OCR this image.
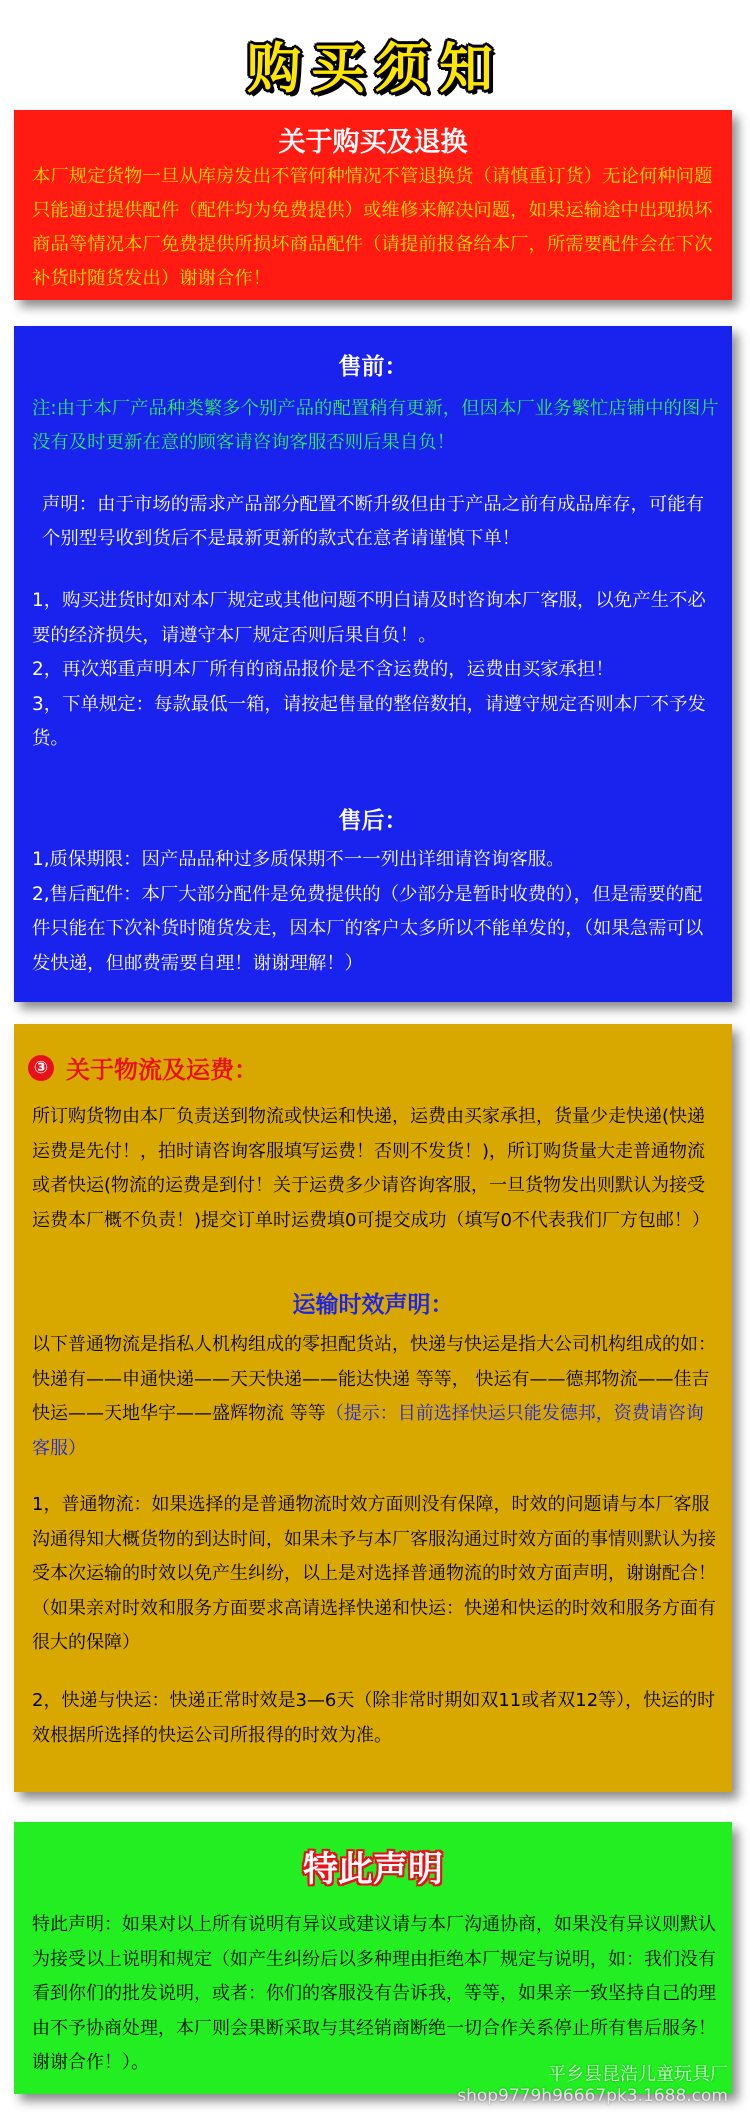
购买须知
关于购买及退换
本厂规定货物一旦从库房发出不管何种情况不管退换货（请慎重订货）无论何种问题只能通过提供配件（配件均为免费提供）或维修来解决问题，如果运输途中出现损坏商品等情况本厂免费提供所损坏商品配件（请提前报备给本厂，所需要配件会在下次补货时随货发出）谢谢合作！
售前：
注:由于本厂产品种类繁多个别产品的配置稍有更新，但因本厂业务繁忙店铺中的图片没有及时更新在意的顾客请咨询客服否则后果自负！
声明：由于市场的需求产品部分配置不断升级但由于产品之前有成品库存，可能有个别型号收到货后不是最新更新的款式在意者请谨慎下单！
1，购买进货时如对本厂规定或其他问题不明白请及时咨询本厂客服，以免产生不必要的经济损失，请遵守本厂规定否则后果自负！。
2，再次郑重声明本厂所有的商品报价是不含运费的，运费由买家承担！
3，下单规定：每款最低一箱，请按起售量的整倍数拍，请遵守规定否则本厂不予发货。
售后：
1,质保期限：因产品品种过多质保期不一一列出详细请咨询客服。
2,售后配件：本厂大部分配件是免费提供的（少部分是暂时收费的），但是需要的配件只能在下次补货时随货发走，因本厂的客户太多所以不能单发的，（如果急需可以发快递，但邮费需要自理！谢谢理解！）
③ 关于物流及运费：
所订购货物由本厂负责送到物流或快运和快递，运费由买家承担，货量少走快递(快递运费是先付！，拍时请咨询客服填写运费！否则不发货！)，所订购货量大走普通物流或者快运(物流的运费是到付！关于运费多少请咨询客服，一旦货物发出则默认为接受运费本厂概不负责！)提交订单时运费填0可提交成功（填写0不代表我们厂方包邮！）
运输时效声明：
以下普通物流是指私人机构组成的零担配货站，快递与快运是指大公司机构组成的如：快递有——申通快递——天天快递——能达快递 等等， 快运有——德邦物流——佳吉快运——天地华宇——盛辉物流 等等（提示：目前选择快运只能发德邦，资费请咨询客服）
1，普通物流：如果选择的是普通物流时效方面则没有保障，时效的问题请与本厂客服沟通得知大概货物的到达时间，如果未予与本厂客服沟通过时效方面的事情则默认为接受本次运输的时效以免产生纠纷，以上是对选择普通物流的时效方面声明，谢谢配合！（如果亲对时效和服务方面要求高请选择快递和快运：快递和快运的时效和服务方面有很大的保障）
2，快递与快运：快递正常时效是3—6天（除非常时期如双11或者双12等），快运的时效根据所选择的快运公司所报得的时效为准。
特此声明
特此声明：如果对以上所有说明有异议或建议请与本厂沟通协商，如果没有异议则默认为接受以上说明和规定（如产生纠纷后以多种理由拒绝本厂规定与说明，如：我们没有看到你们的批发说明，或者：你们的客服没有告诉我，等等，如果亲一致坚持自己的理由不予协商处理，本厂则会果断采取与其经销商断绝一切合作关系停止所有售后服务！谢谢合作！）。
平乡县昆浩儿童玩具厂
shop9779h96667pk3.1688.com
